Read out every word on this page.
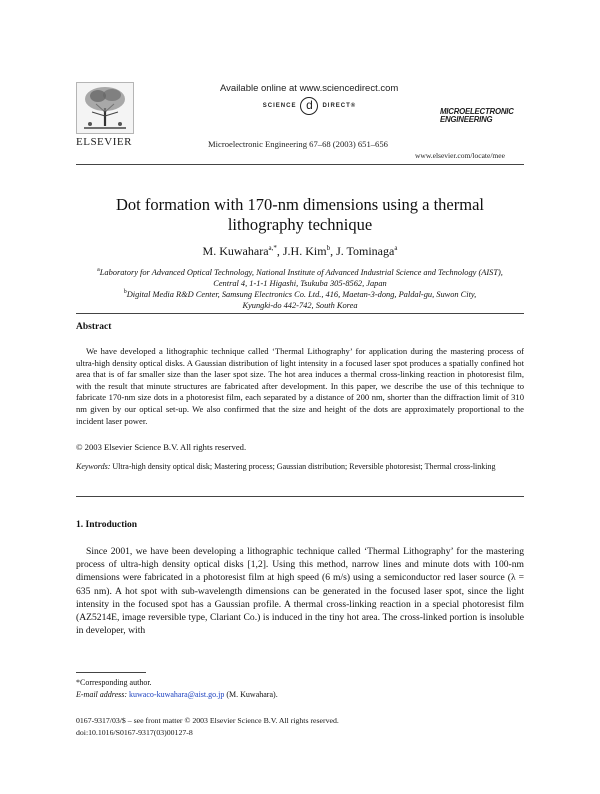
ELSEVIER
Available online at www.sciencedirect.com
SCIENCE d	DIRECT®
Microelectronic Engineering 67–68 (2003) 651–656
MICROELECTRONIC
ENGINEERING
www.elsevier.com/locate/mee
Dot formation with 170-nm dimensions using a thermal
lithography technique
M. Kuwahara$^{a,*}$, J.H. Kim$^b$, J. Tominaga$^a$
$^a$Laboratory for Advanced Optical Technology, National Institute of Advanced Industrial Science and Technology (AIST),
Central 4, 1-1-1 Higashi, Tsukuba 305-8562, Japan
$^b$Digital Media R&D Center, Samsung Electronics Co. Ltd., 416, Maetan-3-dong, Paldal-gu, Suwon City,
Kyungki-do 442-742, South Korea
Abstract

We have developed a lithographic technique called ‘Thermal Lithography’ for application during the mastering process of ultra-high density optical disks. A Gaussian distribution of light intensity in a focused laser spot produces a spatially confined hot area that is of far smaller size than the laser spot size. The hot area induces a thermal cross-linking reaction in photoresist film, with the result that minute structures are fabricated after development. In this paper, we describe the use of this technique to fabricate 170-nm size dots in a photoresist film, each separated by a distance of 200 nm, shorter than the diffraction limit of 310 nm given by our optical set-up. We also confirmed that the size and height of the dots are approximately proportional to the incident laser power.

© 2003 Elsevier Science B.V. All rights reserved.

Keywords: Ultra-high density optical disk; Mastering process; Gaussian distribution; Reversible photoresist; Thermal cross-linking

1. Introduction

Since 2001, we have been developing a lithographic technique called ‘Thermal Lithography’ for the mastering process of ultra-high density optical disks [1,2]. Using this method, narrow lines and minute dots with 100-nm dimensions were fabricated in a photoresist film at high speed (6 m/s) using a semiconductor red laser source (λ = 635 nm). A hot spot with sub-wavelength dimensions can be generated in the focused laser spot, since the light intensity in the focused spot has a Gaussian profile. A thermal cross-linking reaction in a special photoresist film (AZ5214E, image reversible type, Clariant Co.) is induced in the tiny hot area. The cross-linked portion is insoluble in developer, with

*Corresponding author.
E-mail address: kuwaco-kuwahara@aist.go.jp (M. Kuwahara).
0167-9317/03/$ – see front matter © 2003 Elsevier Science B.V. All rights reserved.
doi:10.1016/S0167-9317(03)00127-8
